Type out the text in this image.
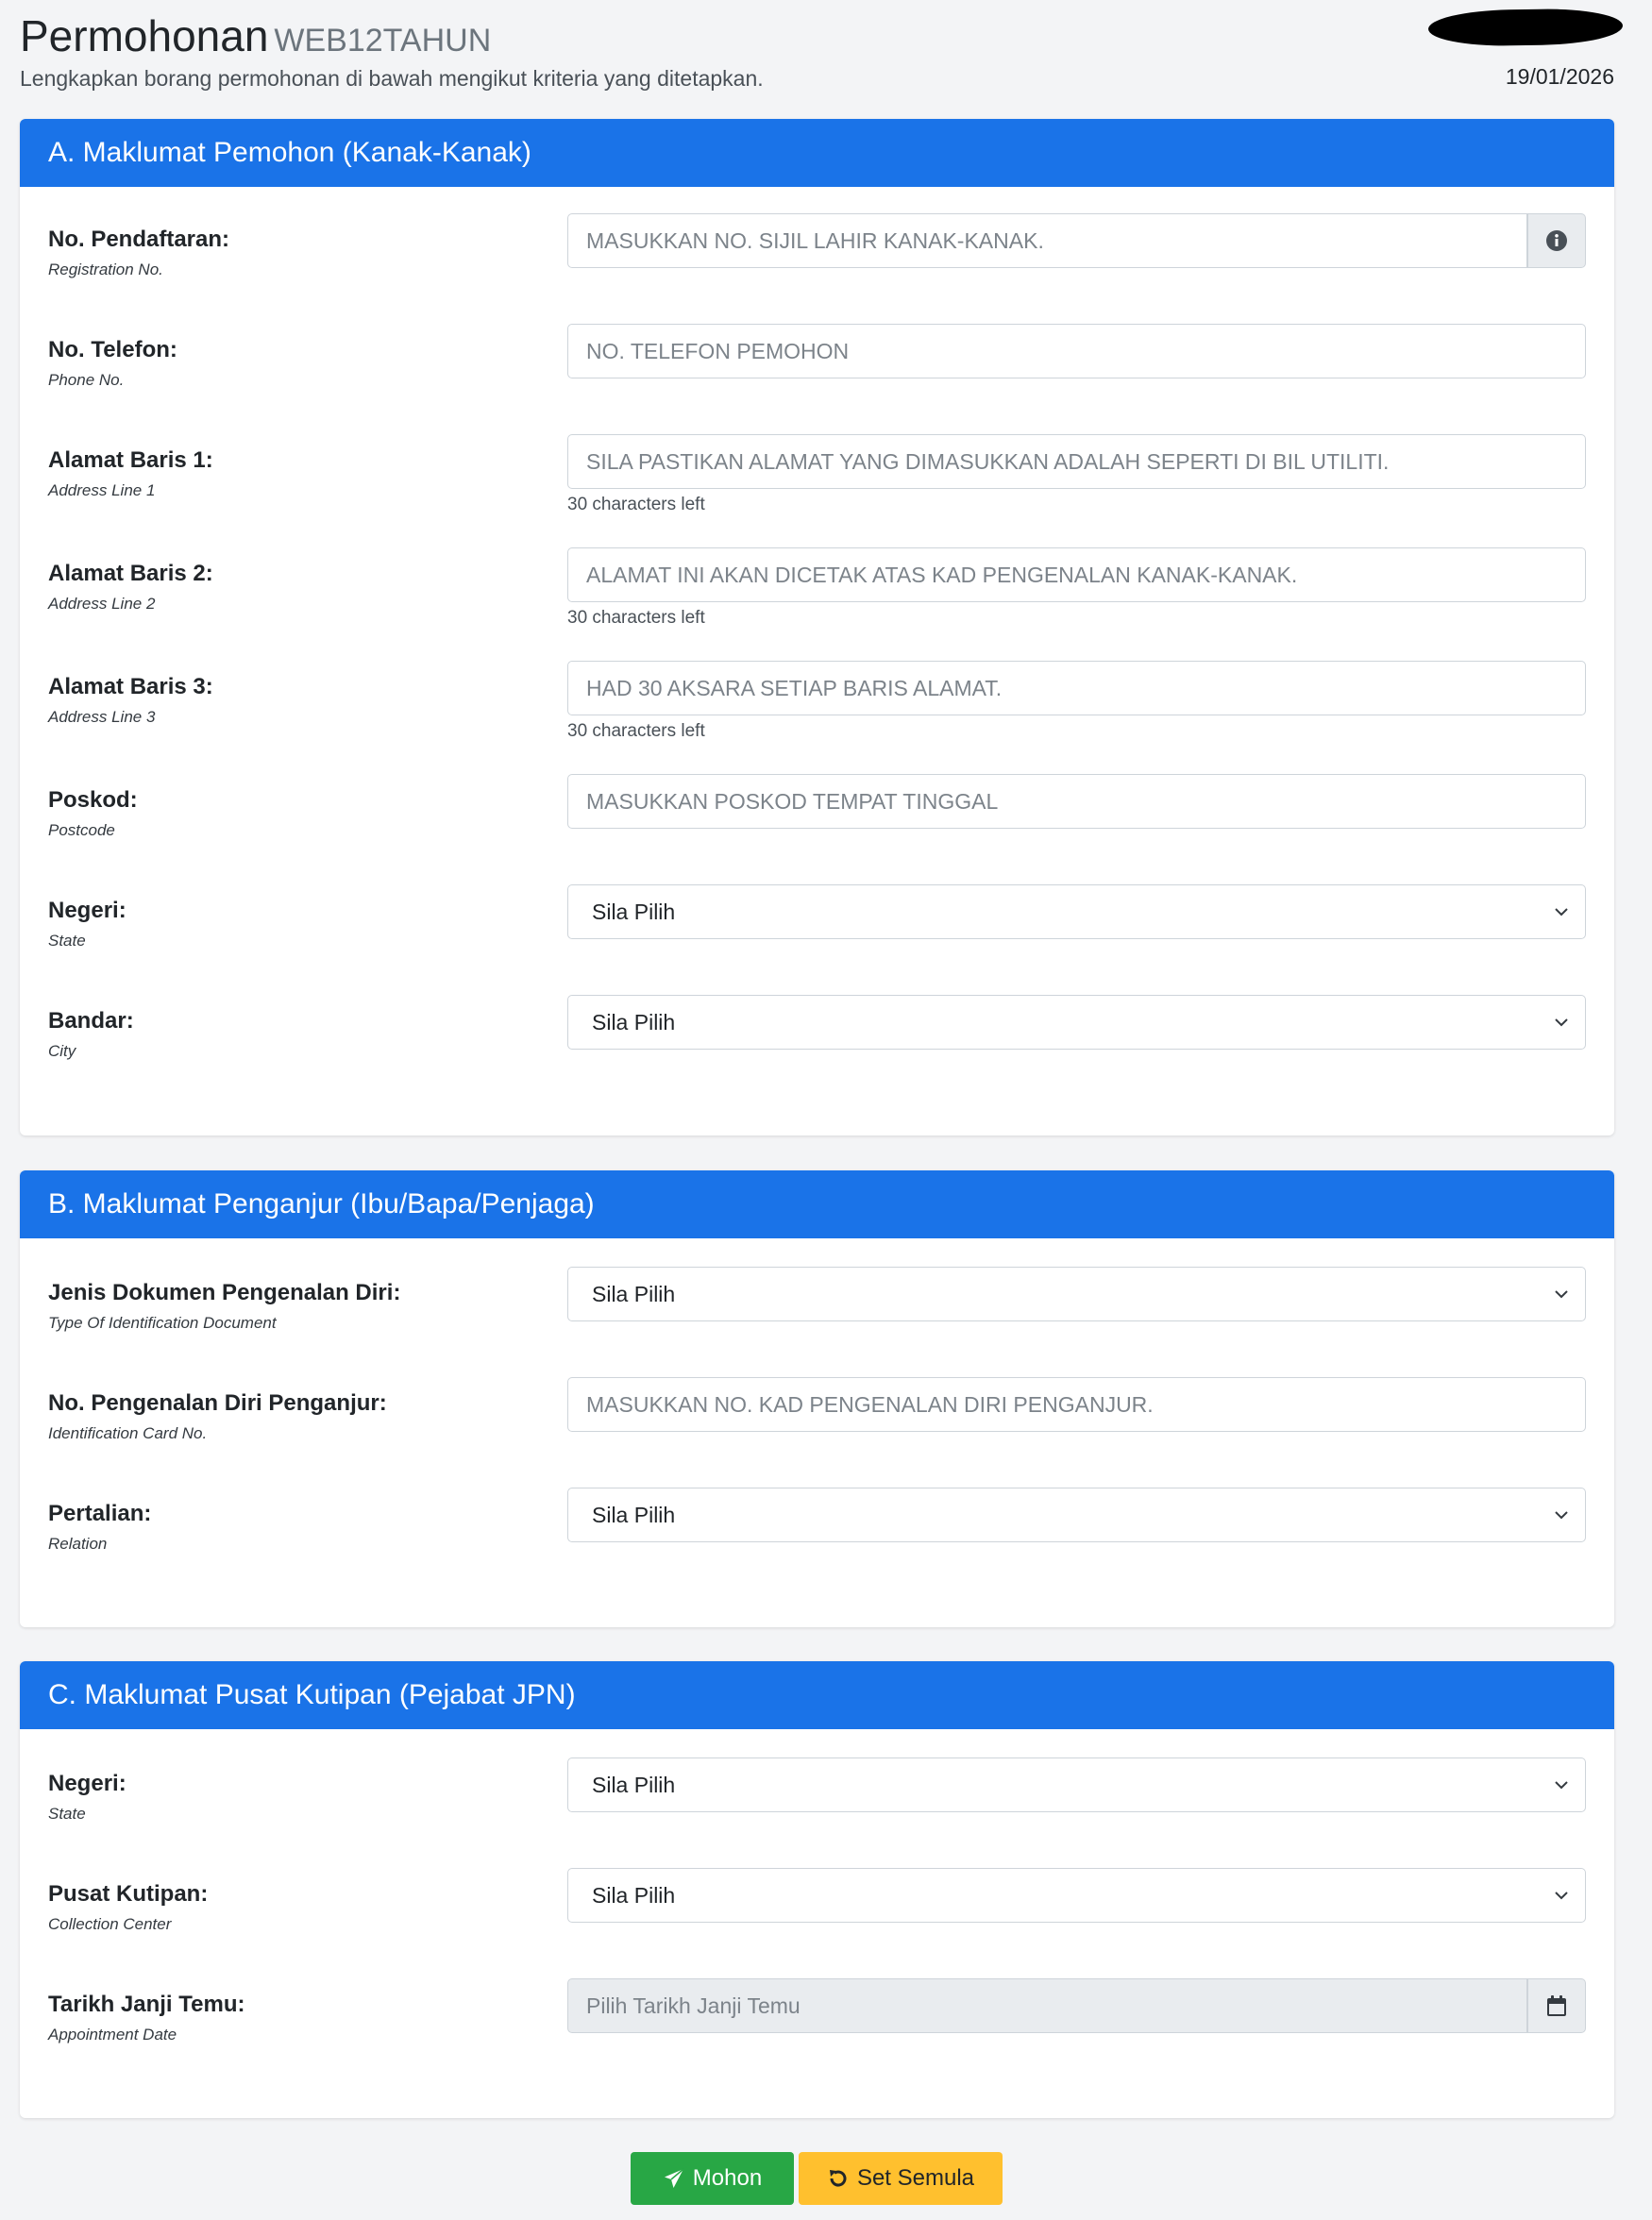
Permohonan WEB12TAHUN
Lengkapkan borang permohonan di bawah mengikut kriteria yang ditetapkan.	19/01/2026
A. Maklumat Pemohon (Kanak-Kanak)
No. Pendaftaran:
Registration No.
MASUKKAN NO. SIJIL LAHIR KANAK-KANAK.
No. Telefon:
Phone No.
NO. TELEFON PEMOHON
Alamat Baris 1:
Address Line 1
SILA PASTIKAN ALAMAT YANG DIMASUKKAN ADALAH SEPERTI DI BIL UTILITI.
30 characters left
Alamat Baris 2:
Address Line 2
ALAMAT INI AKAN DICETAK ATAS KAD PENGENALAN KANAK-KANAK.
30 characters left
Alamat Baris 3:
Address Line 3
HAD 30 AKSARA SETIAP BARIS ALAMAT.
30 characters left
Poskod:
Postcode
MASUKKAN POSKOD TEMPAT TINGGAL
Negeri:
State
Sila Pilih
Bandar:
City
Sila Pilih
B. Maklumat Penganjur (Ibu/Bapa/Penjaga)
Jenis Dokumen Pengenalan Diri:
Type Of Identification Document
Sila Pilih
No. Pengenalan Diri Penganjur:
Identification Card No.
MASUKKAN NO. KAD PENGENALAN DIRI PENGANJUR.
Pertalian:
Relation
Sila Pilih
C. Maklumat Pusat Kutipan (Pejabat JPN)
Negeri:
State
Sila Pilih
Pusat Kutipan:
Collection Center
Sila Pilih
Tarikh Janji Temu:
Appointment Date
Pilih Tarikh Janji Temu
Mohon	Set Semula
